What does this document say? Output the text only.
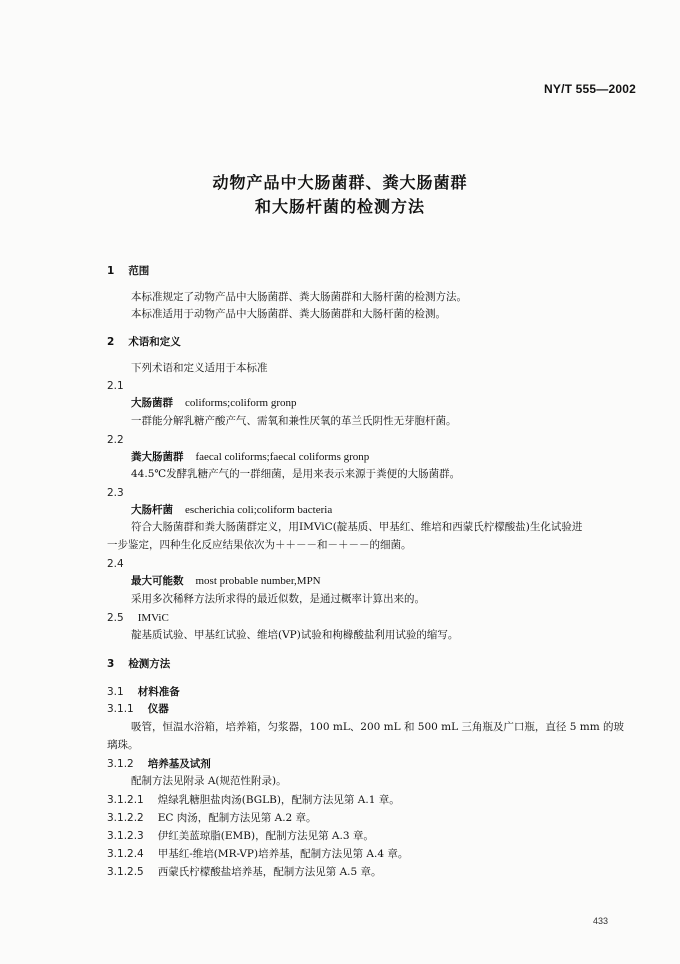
NY/T 555—2002
动物产品中大肠菌群、粪大肠菌群
和大肠杆菌的检测方法
1 范围
本标准规定了动物产品中大肠菌群、粪大肠菌群和大肠杆菌的检测方法。
本标准适用于动物产品中大肠菌群、粪大肠菌群和大肠杆菌的检测。
2 术语和定义
下列术语和定义适用于本标准
2.1
大肠菌群 coliforms;coliform gronp
一群能分解乳糖产酸产气、需氧和兼性厌氧的革兰氏阴性无芽胞杆菌。
2.2
粪大肠菌群 faecal coliforms;faecal coliforms gronp
44.5℃发酵乳糖产气的一群细菌，是用来表示来源于粪便的大肠菌群。
2.3
大肠杆菌 escherichia coli;coliform bacteria
符合大肠菌群和粪大肠菌群定义，用IMViC(靛基质、甲基红、维培和西蒙氏柠檬酸盐)生化试验进
一步鉴定，四种生化反应结果依次为＋＋－－和－＋－－的细菌。
2.4
最大可能数 most probable number,MPN
采用多次稀释方法所求得的最近似数，是通过概率计算出来的。
2.5 IMViC
靛基质试验、甲基红试验、维培(VP)试验和枸橼酸盐利用试验的缩写。
3 检测方法
3.1 材料准备
3.1.1 仪器
吸管，恒温水浴箱，培养箱，匀浆器，100 mL、200 mL 和 500 mL 三角瓶及广口瓶，直径 5 mm 的玻
璃珠。
3.1.2 培养基及试剂
配制方法见附录 A(规范性附录)。
3.1.2.1 煌绿乳糖胆盐肉汤(BGLB)，配制方法见第 A.1 章。
3.1.2.2 EC 肉汤，配制方法见第 A.2 章。
3.1.2.3 伊红美蓝琼脂(EMB)，配制方法见第 A.3 章。
3.1.2.4 甲基红-维培(MR-VP)培养基，配制方法见第 A.4 章。
3.1.2.5 西蒙氏柠檬酸盐培养基，配制方法见第 A.5 章。
433
